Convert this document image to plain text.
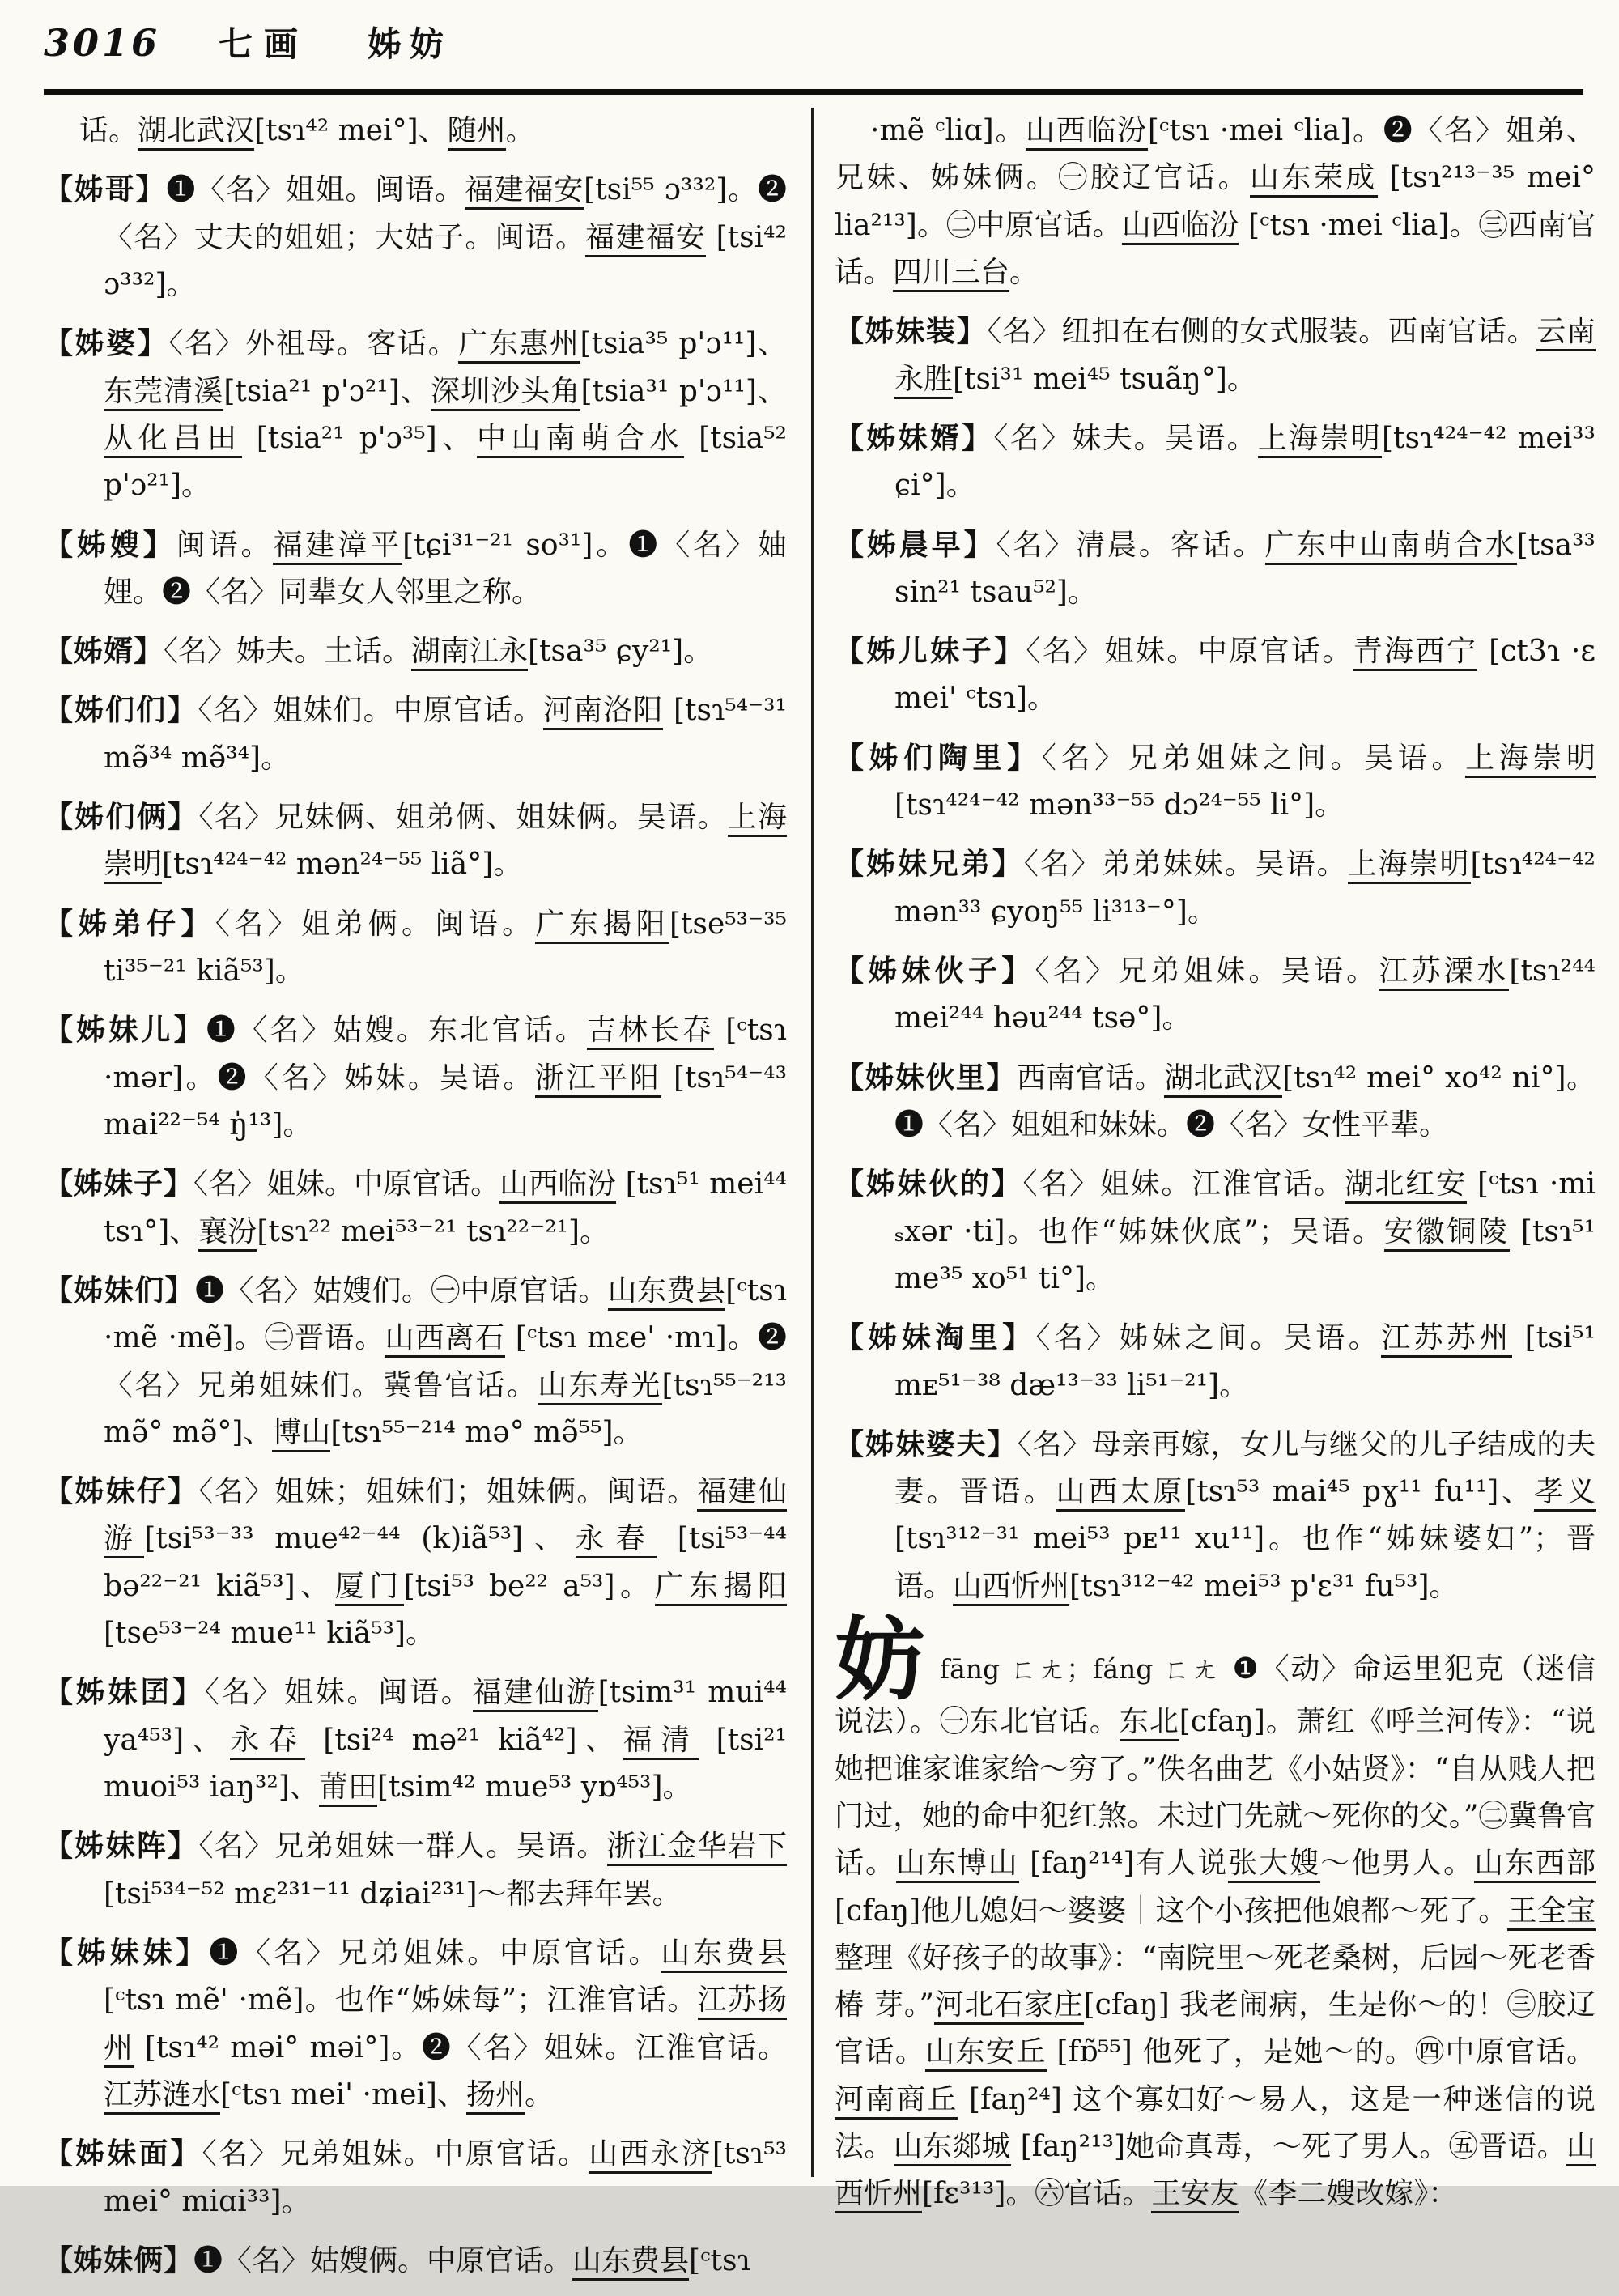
3016 七画 姊妨

话。湖北武汉[tsɿ⁴² mei°]、随州。

【姊哥】❶〈名〉姐姐。闽语。福建福安[tsi⁵⁵ ɔ³³²]。❷〈名〉丈夫的姐姐；大姑子。闽语。福建福安 [tsi⁴² ɔ³³²]。

【姊婆】〈名〉外祖母。客话。广东惠州[tsia³⁵ p'ɔ¹¹]、东莞清溪[tsia²¹ p'ɔ²¹]、深圳沙头角[tsia³¹ p'ɔ¹¹]、从化吕田 [tsia²¹ p'ɔ³⁵]、中山南萌合水 [tsia⁵² p'ɔ²¹]。

【姊嫂】闽语。福建漳平[tɕi³¹⁻²¹ so³¹]。❶〈名〉妯娌。❷〈名〉同辈女人邻里之称。

【姊婿】〈名〉姊夫。土话。湖南江永[tsa³⁵ ɕy²¹]。

【姊们们】〈名〉姐妹们。中原官话。河南洛阳 [tsɿ⁵⁴⁻³¹ mə̃³⁴ mə̃³⁴]。

【姊们俩】〈名〉兄妹俩、姐弟俩、姐妹俩。吴语。上海崇明[tsɿ⁴²⁴⁻⁴² mən²⁴⁻⁵⁵ liã°]。

【姊弟仔】〈名〉姐弟俩。闽语。广东揭阳[tse⁵³⁻³⁵ ti³⁵⁻²¹ kiã⁵³]。

【姊妹儿】❶〈名〉姑嫂。东北官话。吉林长春 [ᶜtsɿ ·mər]。❷〈名〉姊妹。吴语。浙江平阳 [tsɿ⁵⁴⁻⁴³ mai²²⁻⁵⁴ ŋ̍¹³]。

【姊妹子】〈名〉姐妹。中原官话。山西临汾 [tsɿ⁵¹ mei⁴⁴ tsɿ°]、襄汾[tsɿ²² mei⁵³⁻²¹ tsɿ²²⁻²¹]。

【姊妹们】❶〈名〉姑嫂们。㊀中原官话。山东费县[ᶜtsɿ ·mẽ ·mẽ]。㊁晋语。山西离石 [ᶜtsɿ mɛe' ·mɿ]。❷〈名〉兄弟姐妹们。冀鲁官话。山东寿光[tsɿ⁵⁵⁻²¹³ mə̃° mə̃°]、博山[tsɿ⁵⁵⁻²¹⁴ mə° mə̃⁵⁵]。

【姊妹仔】〈名〉姐妹；姐妹们；姐妹俩。闽语。福建仙游[tsi⁵³⁻³³ mue⁴²⁻⁴⁴ (k)iã⁵³]、永春 [tsi⁵³⁻⁴⁴ bə²²⁻²¹ kiã⁵³]、厦门[tsi⁵³ be²² a⁵³]。广东揭阳 [tse⁵³⁻²⁴ mue¹¹ kiã⁵³]。

【姊妹囝】〈名〉姐妹。闽语。福建仙游[tsim³¹ mui⁴⁴ ya⁴⁵³]、永春 [tsi²⁴ mə²¹ kiã⁴²]、福清 [tsi²¹ muoi⁵³ iaŋ³²]、莆田[tsim⁴² mue⁵³ yɒ⁴⁵³]。

【姊妹阵】〈名〉兄弟姐妹一群人。吴语。浙江金华岩下[tsi⁵³⁴⁻⁵² mɛ²³¹⁻¹¹ dʑiai²³¹]～都去拜年罢。

【姊妹妹】❶〈名〉兄弟姐妹。中原官话。山东费县 [ᶜtsɿ mẽ' ·mẽ]。也作“姊妹每”；江淮官话。江苏扬州 [tsɿ⁴² məi° məi°]。❷〈名〉姐妹。江淮官话。江苏涟水[ᶜtsɿ mei' ·mei]、扬州。

【姊妹面】〈名〉兄弟姐妹。中原官话。山西永济[tsɿ⁵³ mei° miɑi³³]。

【姊妹俩】❶〈名〉姑嫂俩。中原官话。山东费县[ᶜtsɿ

·mẽ ᶜliɑ]。山西临汾[ᶜtsɿ ·mei ᶜlia]。❷〈名〉姐弟、兄妹、姊妹俩。㊀胶辽官话。山东荣成 [tsɿ²¹³⁻³⁵ mei° lia²¹³]。㊁中原官话。山西临汾 [ᶜtsɿ ·mei ᶜlia]。㊂西南官话。四川三台。

【姊妹装】〈名〉纽扣在右侧的女式服装。西南官话。云南永胜[tsi³¹ mei⁴⁵ tsuãŋ°]。

【姊妹婿】〈名〉妹夫。吴语。上海崇明[tsɿ⁴²⁴⁻⁴² mei³³ ɕi°]。

【姊晨早】〈名〉清晨。客话。广东中山南萌合水[tsa³³ sin²¹ tsau⁵²]。

【姊儿妹子】〈名〉姐妹。中原官话。青海西宁 [ᴄt3ɿ ·ɛ mei' ᶜtsɿ]。

【姊们陶里】〈名〉兄弟姐妹之间。吴语。上海崇明 [tsɿ⁴²⁴⁻⁴² mən³³⁻⁵⁵ dɔ²⁴⁻⁵⁵ li°]。

【姊妹兄弟】〈名〉弟弟妹妹。吴语。上海崇明[tsɿ⁴²⁴⁻⁴² mən³³ ɕyoŋ⁵⁵ li³¹³⁻°]。

【姊妹伙子】〈名〉兄弟姐妹。吴语。江苏溧水[tsɿ²⁴⁴ mei²⁴⁴ həu²⁴⁴ tsə°]。

【姊妹伙里】西南官话。湖北武汉[tsɿ⁴² mei° xo⁴² ni°]。❶〈名〉姐姐和妹妹。❷〈名〉女性平辈。

【姊妹伙的】〈名〉姐妹。江淮官话。湖北红安 [ᶜtsɿ ·mi ₛxər ·ti]。也作“姊妹伙底”；吴语。安徽铜陵 [tsɿ⁵¹ me³⁵ xo⁵¹ ti°]。

【姊妹淘里】〈名〉姊妹之间。吴语。江苏苏州 [tsi⁵¹ mᴇ⁵¹⁻³⁸ dæ¹³⁻³³ li⁵¹⁻²¹]。

【姊妹婆夫】〈名〉母亲再嫁，女儿与继父的儿子结成的夫妻。晋语。山西太原[tsɿ⁵³ mai⁴⁵ pɣ¹¹ fu¹¹]、孝义[tsɿ³¹²⁻³¹ mei⁵³ pᴇ¹¹ xu¹¹]。也作“姊妹婆妇”；晋语。山西忻州[tsɿ³¹²⁻⁴² mei⁵³ p'ɛ³¹ fu⁵³]。

妨fāng ㄈㄤ；fáng ㄈㄤ ❶〈动〉命运里犯克（迷信说法）。㊀东北官话。东北[ᴄfaŋ]。萧红《呼兰河传》：“说她把谁家谁家给～穷了。”佚名曲艺《小姑贤》：“自从贱人把门过，她的命中犯红煞。未过门先就～死你的父。”㊁冀鲁官话。山东博山 [faŋ²¹⁴]有人说张大嫂～他男人。山东西部[ᴄfaŋ]他儿媳妇～婆婆｜这个小孩把他娘都～死了。王全宝整理《好孩子的故事》：“南院里～死老桑树，后园～死老香 椿 芽。”河北石家庄[ᴄfaŋ] 我老闹病，生是你～的！㊂胶辽官话。山东安丘 [fɒ̃⁵⁵] 他死了，是她～的。㊃中原官话。河南商丘 [faŋ²⁴] 这个寡妇好～易人，这是一种迷信的说法。山东郯城 [faŋ²¹³]她命真毒，～死了男人。㊄晋语。山西忻州[fɛ³¹³]。㊅官话。王安友《李二嫂改嫁》：
